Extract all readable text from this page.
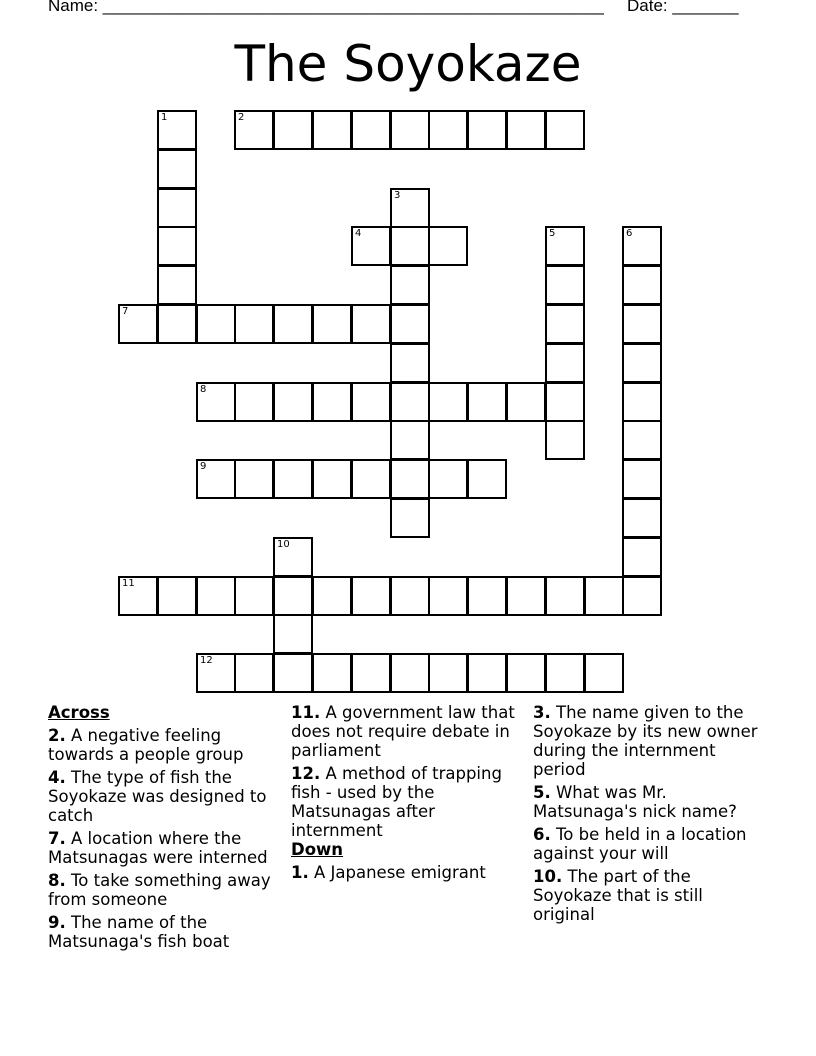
Name: _____________________________________________________ Date: _______
The Soyokaze
2
4
7
8
9
11
12
1
3
5	6
10
Across
2. A negative feeling towards a people group
4. The type of fish the Soyokaze was designed to catch
7. A location where the Matsunagas were interned
8. To take something away from someone
9. The name of the Matsunaga's fish boat
11. A government law that does not require debate in parliament
12. A method of trapping fish - used by the Matsunagas after internment
Down
1. A Japanese emigrant
3. The name given to the Soyokaze by its new owner during the internment period
5. What was Mr. Matsunaga's nick name?
6. To be held in a location against your will
10. The part of the Soyokaze that is still original
